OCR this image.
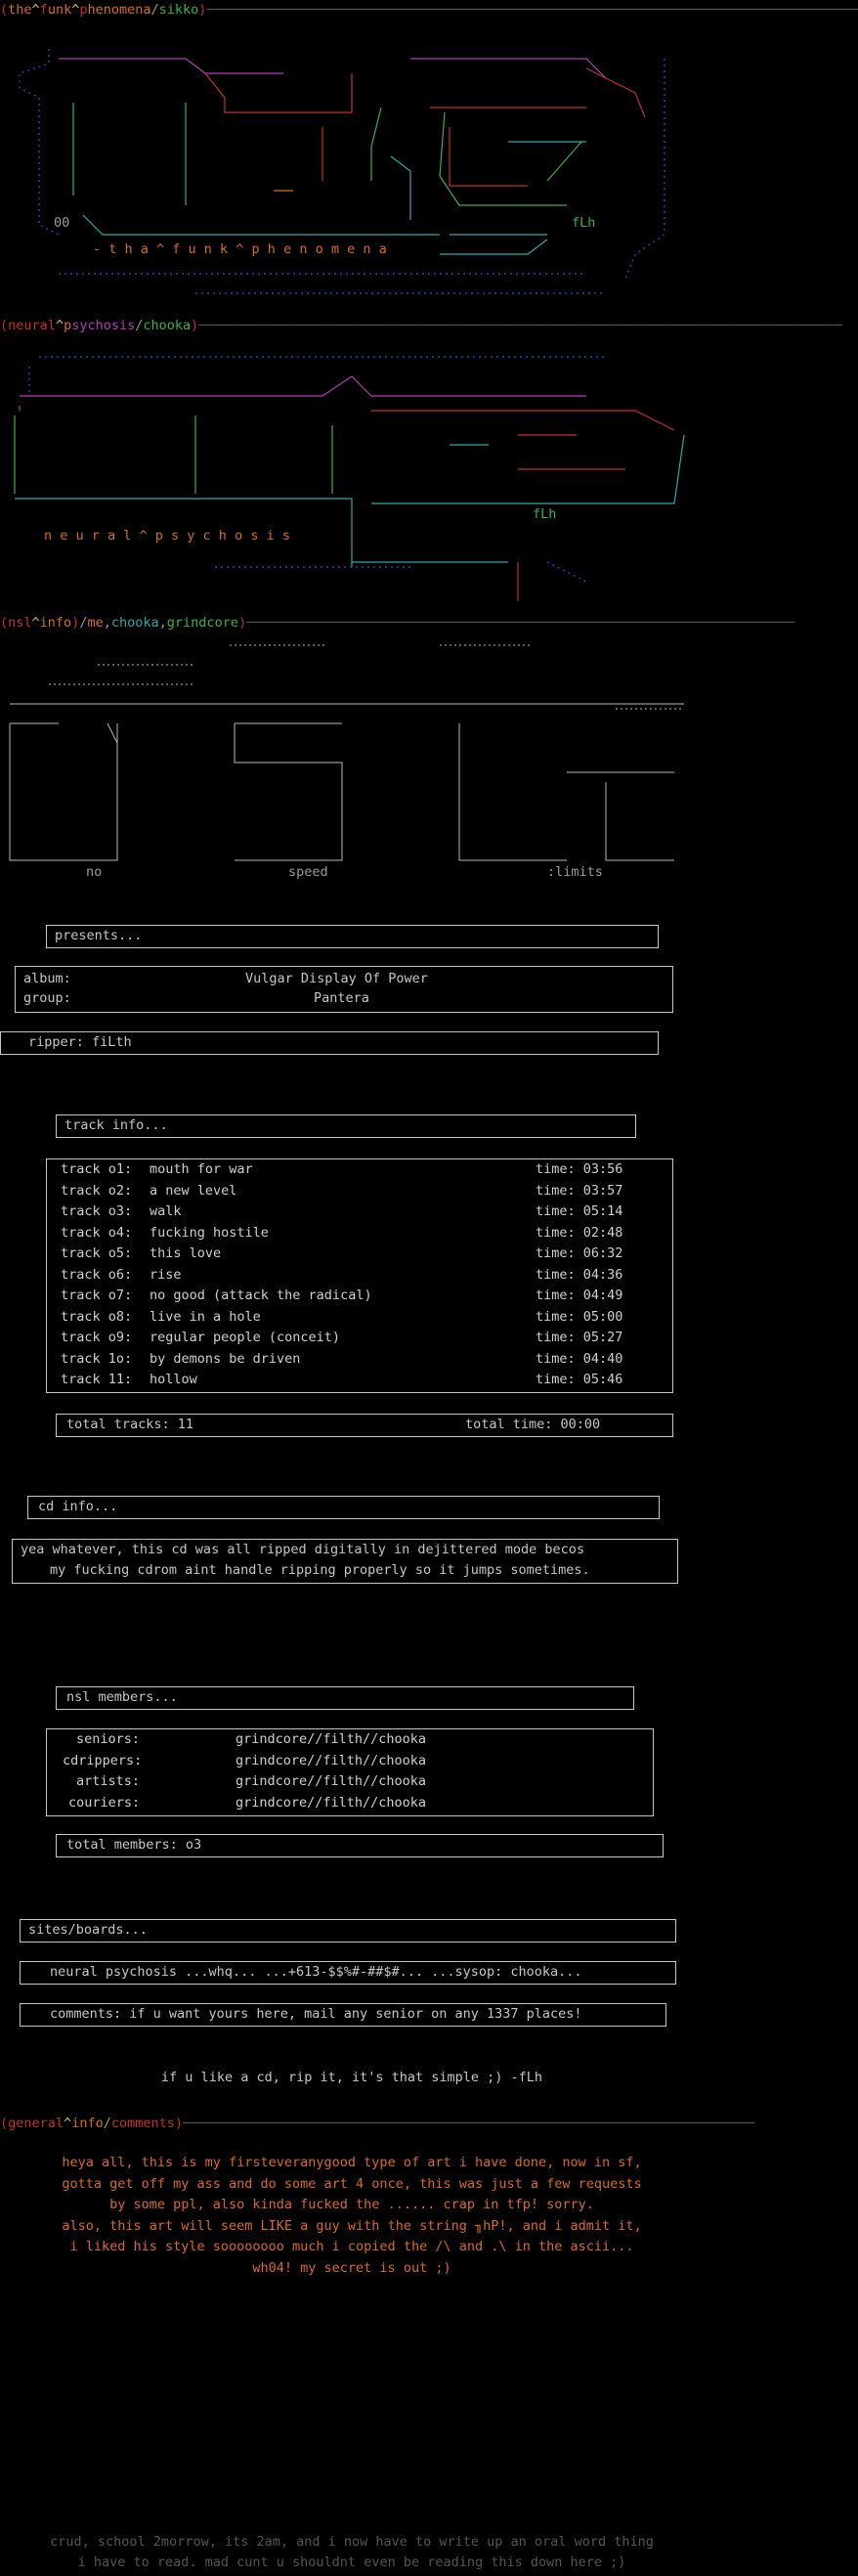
(the^funk^phenomena/sikko)──────────────────────────────────────────────────────────────────────────────────
00
- t h a ^ f u n k ^ p h e n o m e n a
fLh
(neural^psychosis/chooka)─────────────────────────────────────────────────────────────────────────────────
n e u r a l ^ p s y c h o s i s
fLh
(nsl^info)/me,chooka,grindcore)─────────────────────────────────────────────────────────────────────
no	speed	:limits
presents...
album:	Vulgar Display Of Power
group:	Pantera
ripper: fiLth
track info...
track o1: mouth for war	time: 03:56
track o2: a new level	time: 03:57
track o3: walk	time: 05:14
track o4: fucking hostile	time: 02:48
track o5: this love	time: 06:32
track o6: rise	time: 04:36
track o7: no good (attack the radical)	time: 04:49
track o8: live in a hole	time: 05:00
track o9: regular people (conceit)	time: 05:27
track 1o: by demons be driven	time: 04:40
track 11: hollow	time: 05:46
total tracks: 11	total time: 00:00
cd info...
yea whatever, this cd was all ripped digitally in dejittered mode becos
my fucking cdrom aint handle ripping properly so it jumps sometimes.
nsl members...
seniors:	grindcore//filth//chooka
cdrippers:	grindcore//filth//chooka
artists:	grindcore//filth//chooka
couriers:	grindcore//filth//chooka
total members: o3
sites/boards...
neural psychosis ...whq... ...+613-$$%#-##$#... ...sysop: chooka...
comments: if u want yours here, mail any senior on any 1337 places!
if u like a cd, rip it, it's that simple ;) -fLh
(general^info/comments)────────────────────────────────────────────────────────────────────────
heya all, this is my firsteveranygood type of art i have done, now in sf,
gotta get off my ass and do some art 4 once, this was just a few requests
by some ppl, also kinda fucked the ...... crap in tfp! sorry.
also, this art will seem LIKE a guy with the string ╖hP!, and i admit it,
i liked his style soooooooo much i copied the /\ and .\ in the ascii...
wh04! my secret is out ;)
crud, school 2morrow, its 2am, and i now have to write up an oral word thing
i have to read. mad cunt u shouldnt even be reading this down here ;)
